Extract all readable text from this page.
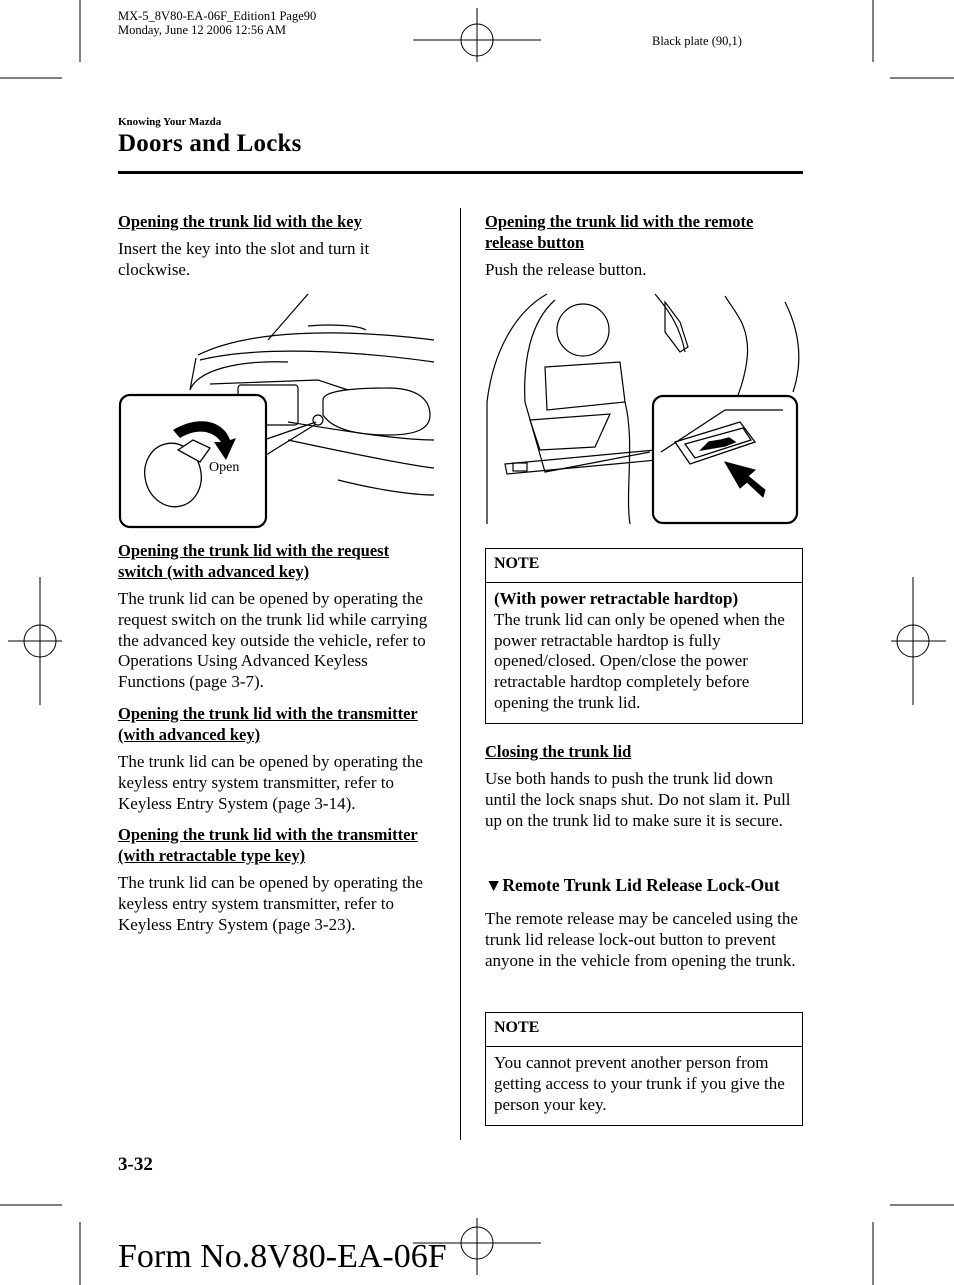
MX-5_8V80-EA-06F_Edition1 Page90
Monday, June 12 2006 12:56 AM
Black plate (90,1)
Knowing Your Mazda
Doors and Locks

Opening the trunk lid with the key

Insert the key into the slot and turn it clockwise.

Open

Opening the trunk lid with the request switch (with advanced key)

The trunk lid can be opened by operating the request switch on the trunk lid while carrying the advanced key outside the vehicle, refer to Operations Using Advanced Keyless Functions (page 3-7).

Opening the trunk lid with the transmitter (with advanced key)

The trunk lid can be opened by operating the keyless entry system transmitter, refer to Keyless Entry System (page 3-14).

Opening the trunk lid with the transmitter (with retractable type key)

The trunk lid can be opened by operating the keyless entry system transmitter, refer to Keyless Entry System (page 3-23).

Opening the trunk lid with the remote release button

Push the release button.

NOTE
(With power retractable hardtop)
The trunk lid can only be opened when the power retractable hardtop is fully opened/closed. Open/close the power retractable hardtop completely before opening the trunk lid.

Closing the trunk lid

Use both hands to push the trunk lid down until the lock snaps shut. Do not slam it. Pull up on the trunk lid to make sure it is secure.

▼Remote Trunk Lid Release Lock-Out

The remote release may be canceled using the trunk lid release lock-out button to prevent anyone in the vehicle from opening the trunk.

NOTE
You cannot prevent another person from getting access to your trunk if you give the person your key.
3-32
Form No.8V80-EA-06F
